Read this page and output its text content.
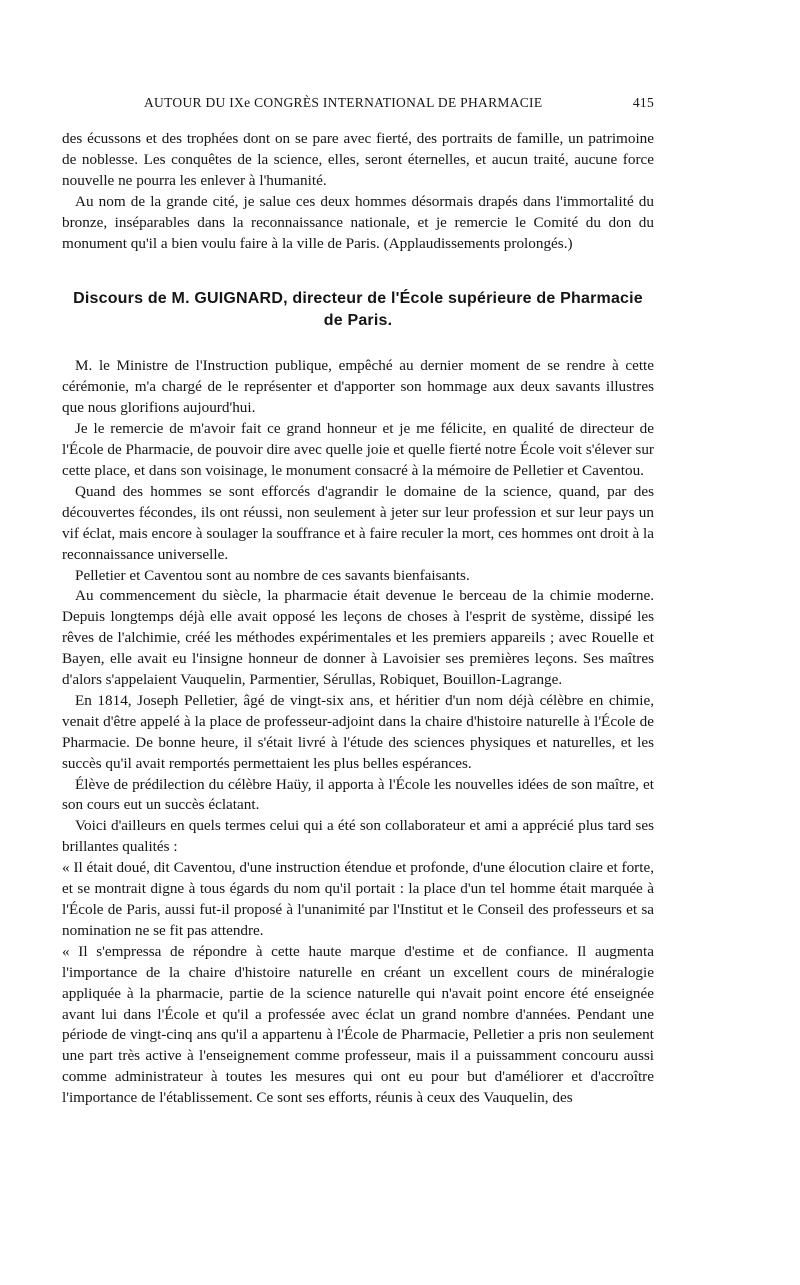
AUTOUR DU IXe CONGRÈS INTERNATIONAL DE PHARMACIE	415

des écussons et des trophées dont on se pare avec fierté, des portraits de famille, un patrimoine de noblesse. Les conquêtes de la science, elles, seront éternelles, et aucun traité, aucune force nouvelle ne pourra les enlever à l'humanité.

Au nom de la grande cité, je salue ces deux hommes désormais drapés dans l'immortalité du bronze, inséparables dans la reconnaissance nationale, et je remercie le Comité du don du monument qu'il a bien voulu faire à la ville de Paris. (Applaudissements prolongés.)

Discours de M. GUIGNARD, directeur de l'École supérieure de Pharmacie de Paris.

M. le Ministre de l'Instruction publique, empêché au dernier moment de se rendre à cette cérémonie, m'a chargé de le représenter et d'apporter son hommage aux deux savants illustres que nous glorifions aujourd'hui.

Je le remercie de m'avoir fait ce grand honneur et je me félicite, en qualité de directeur de l'École de Pharmacie, de pouvoir dire avec quelle joie et quelle fierté notre École voit s'élever sur cette place, et dans son voisinage, le monument consacré à la mémoire de Pelletier et Caventou.

Quand des hommes se sont efforcés d'agrandir le domaine de la science, quand, par des découvertes fécondes, ils ont réussi, non seulement à jeter sur leur profession et sur leur pays un vif éclat, mais encore à soulager la souffrance et à faire reculer la mort, ces hommes ont droit à la reconnaissance universelle.

Pelletier et Caventou sont au nombre de ces savants bienfaisants.

Au commencement du siècle, la pharmacie était devenue le berceau de la chimie moderne. Depuis longtemps déjà elle avait opposé les leçons de choses à l'esprit de système, dissipé les rêves de l'alchimie, créé les méthodes expérimentales et les premiers appareils ; avec Rouelle et Bayen, elle avait eu l'insigne honneur de donner à Lavoisier ses premières leçons. Ses maîtres d'alors s'appelaient Vauquelin, Parmentier, Sérullas, Robiquet, Bouillon-Lagrange.

En 1814, Joseph Pelletier, âgé de vingt-six ans, et héritier d'un nom déjà célèbre en chimie, venait d'être appelé à la place de professeur-adjoint dans la chaire d'histoire naturelle à l'École de Pharmacie. De bonne heure, il s'était livré à l'étude des sciences physiques et naturelles, et les succès qu'il avait remportés permettaient les plus belles espérances.

Élève de prédilection du célèbre Haüy, il apporta à l'École les nouvelles idées de son maître, et son cours eut un succès éclatant.

Voici d'ailleurs en quels termes celui qui a été son collaborateur et ami a apprécié plus tard ses brillantes qualités :

« Il était doué, dit Caventou, d'une instruction étendue et profonde, d'une élocution claire et forte, et se montrait digne à tous égards du nom qu'il portait : la place d'un tel homme était marquée à l'École de Paris, aussi fut-il proposé à l'unanimité par l'Institut et le Conseil des professeurs et sa nomination ne se fit pas attendre.

« Il s'empressa de répondre à cette haute marque d'estime et de confiance. Il augmenta l'importance de la chaire d'histoire naturelle en créant un excellent cours de minéralogie appliquée à la pharmacie, partie de la science naturelle qui n'avait point encore été enseignée avant lui dans l'École et qu'il a professée avec éclat un grand nombre d'années. Pendant une période de vingt-cinq ans qu'il a appartenu à l'École de Pharmacie, Pelletier a pris non seulement une part très active à l'enseignement comme professeur, mais il a puissamment concouru aussi comme administrateur à toutes les mesures qui ont eu pour but d'améliorer et d'accroître l'importance de l'établissement. Ce sont ses efforts, réunis à ceux des Vauquelin, des
